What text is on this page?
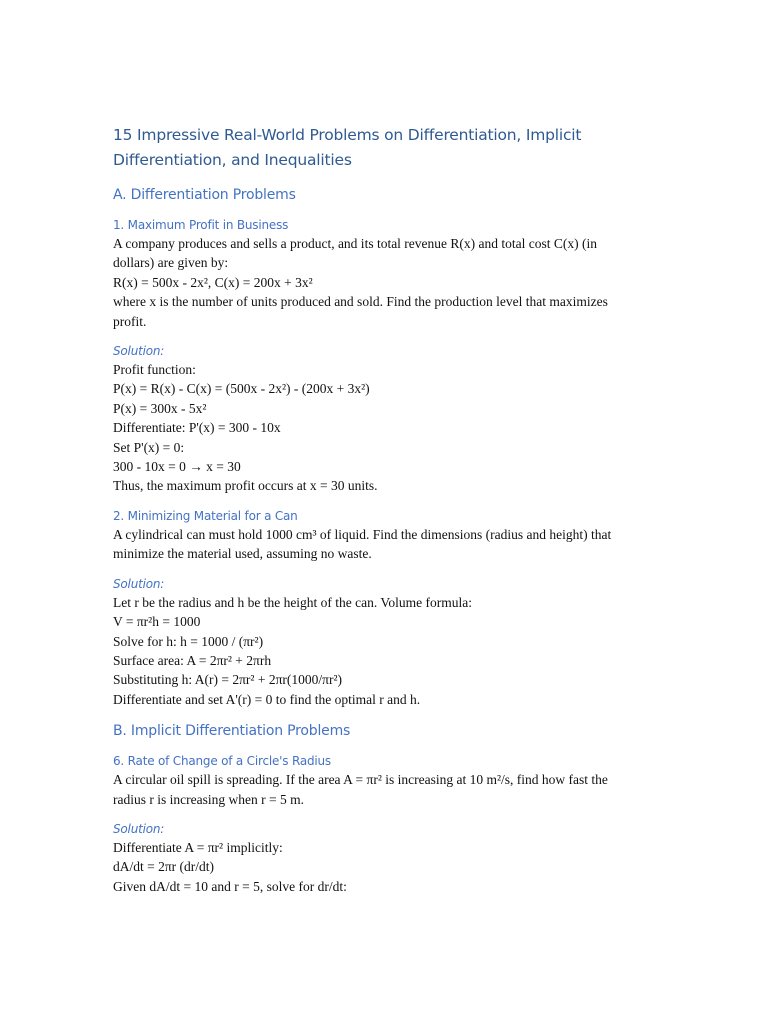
15 Impressive Real-World Problems on Differentiation, Implicit
Differentiation, and Inequalities
A. Differentiation Problems
1. Maximum Profit in Business

A company produces and sells a product, and its total revenue R(x) and total cost C(x) (in

dollars) are given by:

R(x) = 500x - 2x², C(x) = 200x + 3x²

where x is the number of units produced and sold. Find the production level that maximizes

profit.

Solution:

Profit function:

P(x) = R(x) - C(x) = (500x - 2x²) - (200x + 3x²)

P(x) = 300x - 5x²

Differentiate: P'(x) = 300 - 10x

Set P'(x) = 0:

300 - 10x = 0 → x = 30

Thus, the maximum profit occurs at x = 30 units.

2. Minimizing Material for a Can

A cylindrical can must hold 1000 cm³ of liquid. Find the dimensions (radius and height) that

minimize the material used, assuming no waste.

Solution:

Let r be the radius and h be the height of the can. Volume formula:

V = πr²h = 1000

Solve for h: h = 1000 / (πr²)

Surface area: A = 2πr² + 2πrh

Substituting h: A(r) = 2πr² + 2πr(1000/πr²)

Differentiate and set A'(r) = 0 to find the optimal r and h.

B. Implicit Differentiation Problems
6. Rate of Change of a Circle's Radius

A circular oil spill is spreading. If the area A = πr² is increasing at 10 m²/s, find how fast the

radius r is increasing when r = 5 m.

Solution:

Differentiate A = πr² implicitly:

dA/dt = 2πr (dr/dt)

Given dA/dt = 10 and r = 5, solve for dr/dt:
